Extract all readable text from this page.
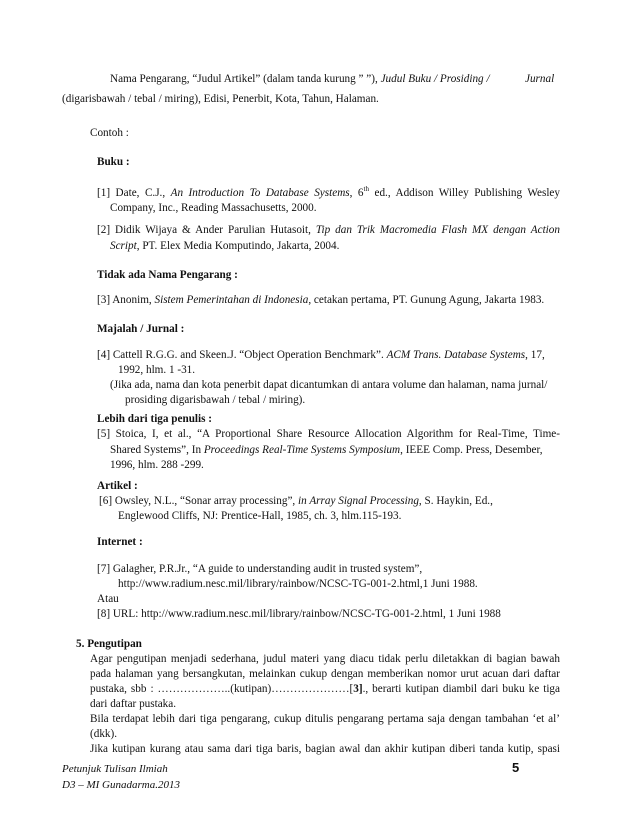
Nama Pengarang, “Judul Artikel” (dalam tanda kurung ” ”), Judul Buku / Prosiding /	Jurnal
(digarisbawah / tebal / miring), Edisi, Penerbit, Kota, Tahun, Halaman.
Contoh :
Buku :
[1] Date, C.J., An Introduction To Database Systems, 6th ed., Addison Willey Publishing Wesley
Company, Inc., Reading Massachusetts, 2000.
[2] Didik Wijaya & Ander Parulian Hutasoit, Tip dan Trik Macromedia Flash MX dengan Action
Script, PT. Elex Media Komputindo, Jakarta, 2004.
Tidak ada Nama Pengarang :
[3] Anonim, Sistem Pemerintahan di Indonesia, cetakan pertama, PT. Gunung Agung, Jakarta 1983.
Majalah / Jurnal :
[4] Cattell R.G.G. and Skeen.J. “Object Operation Benchmark”. ACM Trans. Database Systems, 17,
1992, hlm. 1 -31.
(Jika ada, nama dan kota penerbit dapat dicantumkan di antara volume dan halaman, nama jurnal/
prosiding digarisbawah / tebal / miring).
Lebih dari tiga penulis :
[5] Stoica, I, et al., “A Proportional Share Resource Allocation Algorithm for Real-Time, Time-
Shared Systems”, In Proceedings Real-Time Systems Symposium, IEEE Comp. Press, Desember,
1996, hlm. 288 -299.
Artikel :
[6] Owsley, N.L., “Sonar array processing”, in Array Signal Processing, S. Haykin, Ed.,
Englewood Cliffs, NJ: Prentice-Hall, 1985, ch. 3, hlm.115-193.
Internet :
[7] Galagher, P.R.Jr., “A guide to understanding audit in trusted system”,
http://www.radium.nesc.mil/library/rainbow/NCSC-TG-001-2.html,1 Juni 1988.
Atau
[8] URL: http://www.radium.nesc.mil/library/rainbow/NCSC-TG-001-2.html, 1 Juni 1988
5. Pengutipan
Agar pengutipan menjadi sederhana, judul materi yang diacu tidak perlu diletakkan di bagian bawah
pada halaman yang bersangkutan, melainkan cukup dengan memberikan nomor urut acuan dari daftar
pustaka, sbb : ………………..(kutipan)…………………[3]., berarti kutipan diambil dari buku ke tiga
dari daftar pustaka.
Bila terdapat lebih dari tiga pengarang, cukup ditulis pengarang pertama saja dengan tambahan ‘et al’
(dkk).
Jika kutipan kurang atau sama dari tiga baris, bagian awal dan akhir kutipan diberi tanda kutip, spasi
Petunjuk Tulisan Ilmiah
D3 – MI Gunadarma.2013
5
